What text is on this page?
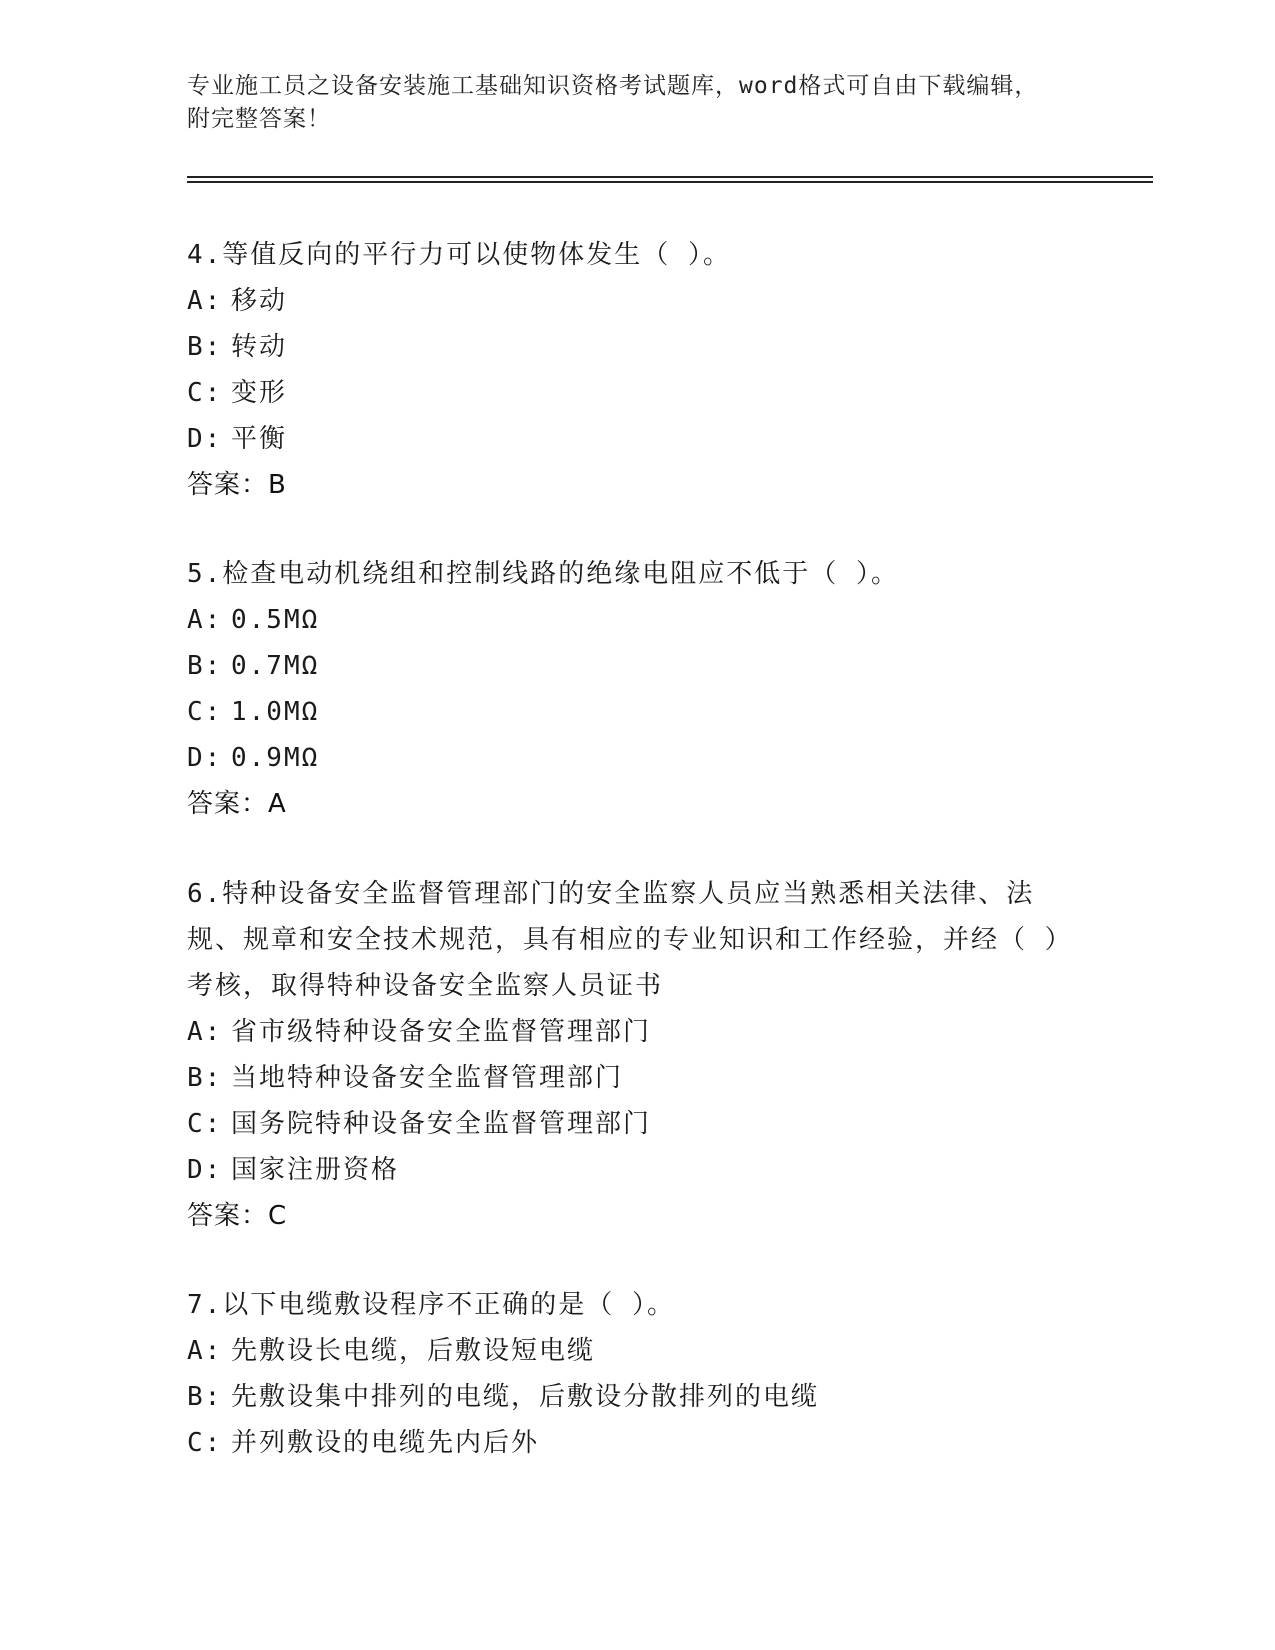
专业施工员之设备安装施工基础知识资格考试题库，word格式可自由下载编辑，
附完整答案！
4.等值反向的平行力可以使物体发生（ ）。
A: 移动
B: 转动
C: 变形
D: 平衡
答案：B
5.检查电动机绕组和控制线路的绝缘电阻应不低于（ ）。
A: 0.5MΩ
B: 0.7MΩ
C: 1.0MΩ
D: 0.9MΩ
答案：A
6.特种设备安全监督管理部门的安全监察人员应当熟悉相关法律、法规、规章和安全技术规范，具有相应的专业知识和工作经验，并经（ ）考核，取得特种设备安全监察人员证书
A: 省市级特种设备安全监督管理部门
B: 当地特种设备安全监督管理部门
C: 国务院特种设备安全监督管理部门
D: 国家注册资格
答案：C
7.以下电缆敷设程序不正确的是（ ）。
A: 先敷设长电缆，后敷设短电缆
B: 先敷设集中排列的电缆，后敷设分散排列的电缆
C: 并列敷设的电缆先内后外
